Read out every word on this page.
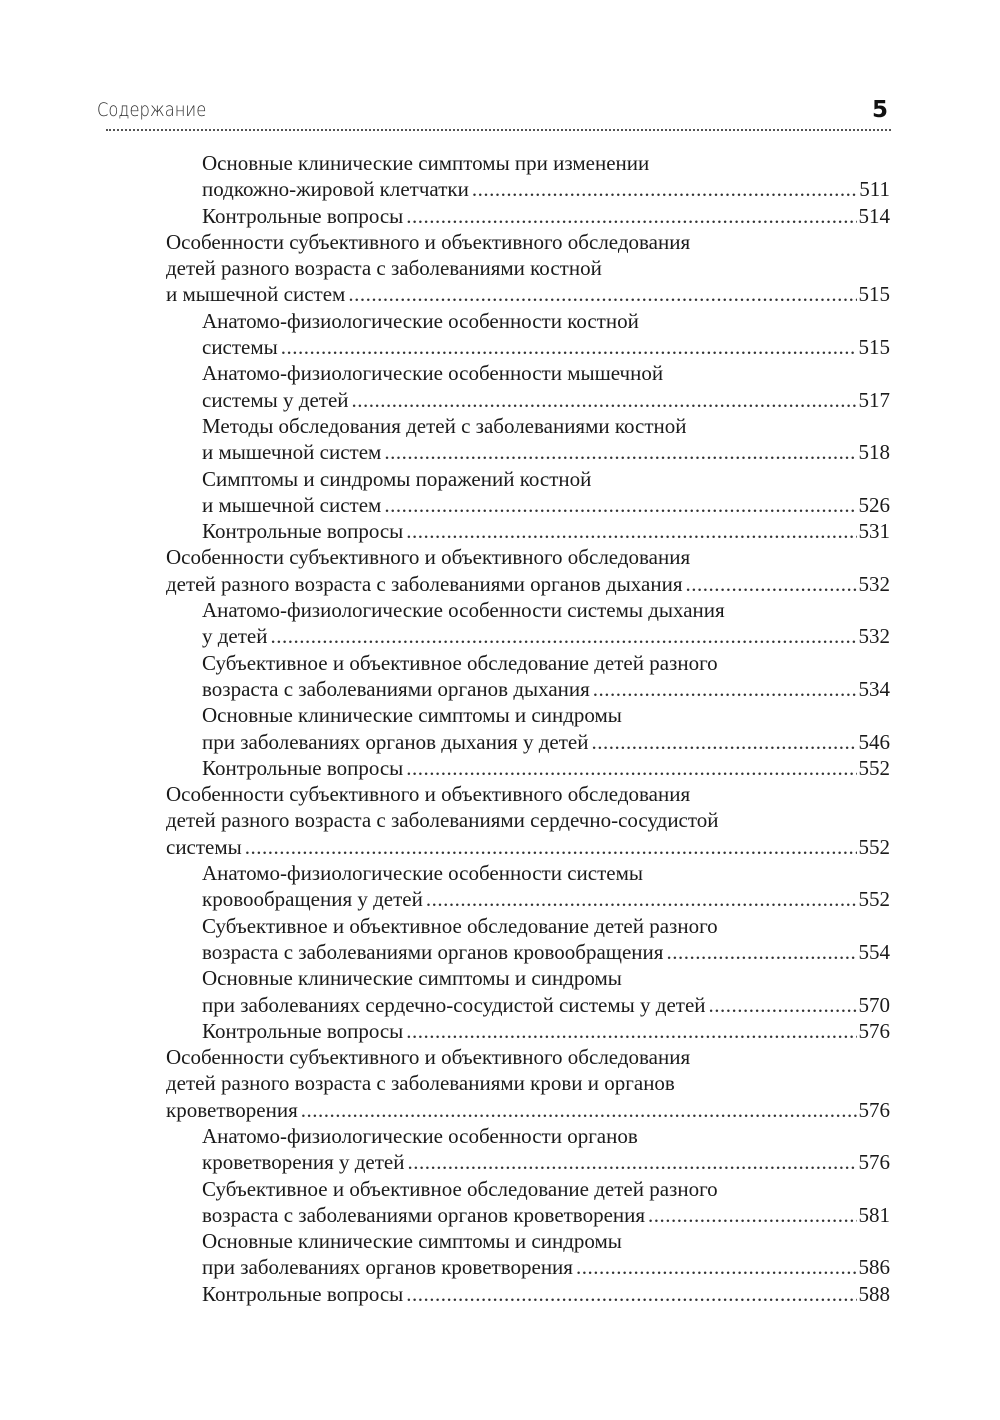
Содержание	5
Основные клинические симптомы при изменении
подкожно-жировой клетчатки .....	511
Контрольные вопросы .....	514
Особенности субъективного и объективного обследования
детей разного возраста с заболеваниями костной
и мышечной систем .....	515
Анатомо-физиологические особенности костной
системы .....	515
Анатомо-физиологические особенности мышечной
системы у детей .....	517
Методы обследования детей с заболеваниями костной
и мышечной систем .....	518
Симптомы и синдромы поражений костной
и мышечной систем .....	526
Контрольные вопросы .....	531
Особенности субъективного и объективного обследования
детей разного возраста с заболеваниями органов дыхания .....	532
Анатомо-физиологические особенности системы дыхания
у детей .....	532
Субъективное и объективное обследование детей разного
возраста с заболеваниями органов дыхания .....	534
Основные клинические симптомы и синдромы
при заболеваниях органов дыхания у детей .....	546
Контрольные вопросы .....	552
Особенности субъективного и объективного обследования
детей разного возраста с заболеваниями сердечно-сосудистой
системы .....	552
Анатомо-физиологические особенности системы
кровообращения у детей .....	552
Субъективное и объективное обследование детей разного
возраста с заболеваниями органов кровообращения .....	554
Основные клинические симптомы и синдромы
при заболеваниях сердечно-сосудистой системы у детей .....	570
Контрольные вопросы .....	576
Особенности субъективного и объективного обследования
детей разного возраста с заболеваниями крови и органов
кроветворения .....	576
Анатомо-физиологические особенности органов
кроветворения у детей .....	576
Субъективное и объективное обследование детей разного
возраста с заболеваниями органов кроветворения .....	581
Основные клинические симптомы и синдромы
при заболеваниях органов кроветворения .....	586
Контрольные вопросы .....	588
